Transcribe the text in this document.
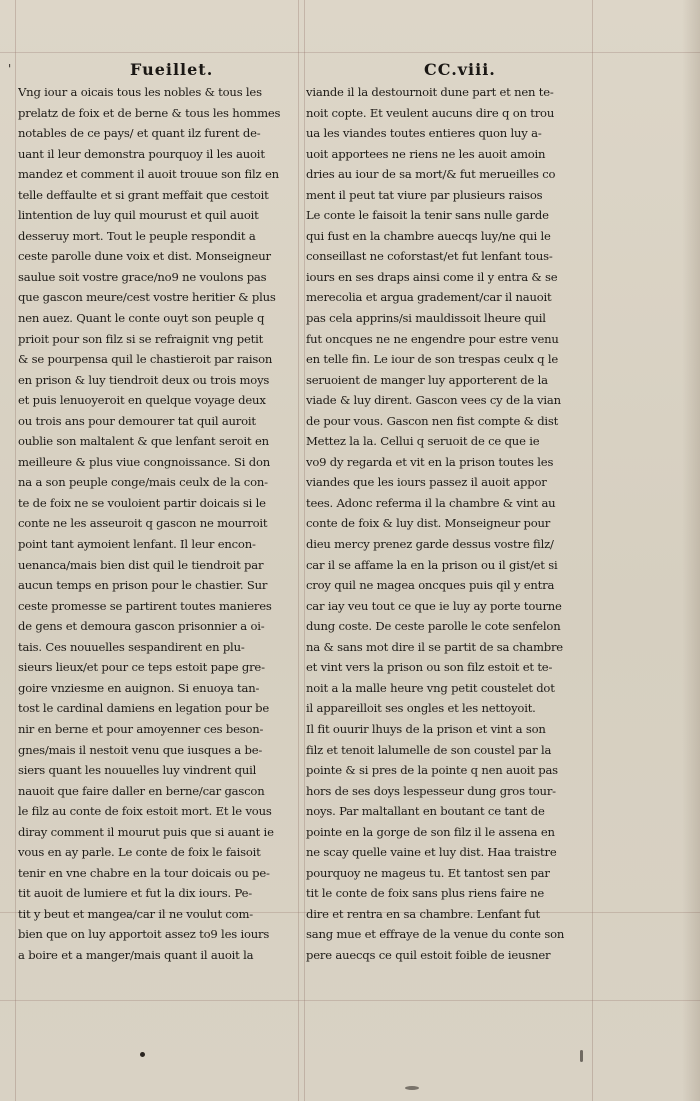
Fueillet.	CC.viii.
'
Vng iour a oicais tous les nobles & tous les
prelatz de foix et de berne & tous les hommes
notables de ce pays/ et quant ilz furent de-
uant il leur demonstra pourquoy il les auoit
mandez et comment il auoit trouue son filz en
telle deffaulte et si grant meffait que cestoit
lintention de luy quil mourust et quil auoit
desseruy mort. Tout le peuple respondit a
ceste parolle dune voix et dist. Monseigneur
saulue soit vostre grace/no9 ne voulons pas
que gascon meure/cest vostre heritier & plus
nen auez. Quant le conte ouyt son peuple q
prioit pour son filz si se refraignit vng petit
& se pourpensa quil le chastieroit par raison
en prison & luy tiendroit deux ou trois moys
et puis lenuoyeroit en quelque voyage deux
ou trois ans pour demourer tat quil auroit
oublie son maltalent & que lenfant seroit en
meilleure & plus viue congnoissance. Si don
na a son peuple conge/mais ceulx de la con-
te de foix ne se vouloient partir doicais si le
conte ne les asseuroit q gascon ne mourroit
point tant aymoient lenfant. Il leur encon-
uenanca/mais bien dist quil le tiendroit par
aucun temps en prison pour le chastier. Sur
ceste promesse se partirent toutes manieres
de gens et demoura gascon prisonnier a oi-
tais. Ces nouuelles sespandirent en plu-
sieurs lieux/et pour ce teps estoit pape gre-
goire vnziesme en auignon. Si enuoya tan-
tost le cardinal damiens en legation pour be
nir en berne et pour amoyenner ces beson-
gnes/mais il nestoit venu que iusques a be-
siers quant les nouuelles luy vindrent quil
nauoit que faire daller en berne/car gascon
le filz au conte de foix estoit mort. Et le vous
diray comment il mourut puis que si auant ie
vous en ay parle. Le conte de foix le faisoit
tenir en vne chabre en la tour doicais ou pe-
tit auoit de lumiere et fut la dix iours. Pe-
tit y beut et mangea/car il ne voulut com-
bien que on luy apportoit assez to9 les iours
a boire et a manger/mais quant il auoit la
viande il la destournoit dune part et nen te-
noit copte. Et veulent aucuns dire q on trou
ua les viandes toutes entieres quon luy a-
uoit apportees ne riens ne les auoit amoin
dries au iour de sa mort/& fut merueilles co
ment il peut tat viure par plusieurs raisos
Le conte le faisoit la tenir sans nulle garde
qui fust en la chambre auecqs luy/ne qui le
conseillast ne coforstast/et fut lenfant tous-
iours en ses draps ainsi come il y entra & se
merecolia et argua gradement/car il nauoit
pas cela apprins/si mauldissoit lheure quil
fut oncques ne ne engendre pour estre venu
en telle fin. Le iour de son trespas ceulx q le
seruoient de manger luy apporterent de la
viade & luy dirent. Gascon vees cy de la vian
de pour vous. Gascon nen fist compte & dist
Mettez la la. Cellui q seruoit de ce que ie
vo9 dy regarda et vit en la prison toutes les
viandes que les iours passez il auoit appor
tees. Adonc referma il la chambre & vint au
conte de foix & luy dist. Monseigneur pour
dieu mercy prenez garde dessus vostre filz/
car il se affame la en la prison ou il gist/et si
croy quil ne magea oncques puis qil y entra
car iay veu tout ce que ie luy ay porte tourne
dung coste. De ceste parolle le cote senfelon
na & sans mot dire il se partit de sa chambre
et vint vers la prison ou son filz estoit et te-
noit a la malle heure vng petit coustelet dot
il appareilloit ses ongles et les nettoyoit.
Il fit ouurir lhuys de la prison et vint a son
filz et tenoit lalumelle de son coustel par la
pointe & si pres de la pointe q nen auoit pas
hors de ses doys lespesseur dung gros tour-
noys. Par maltallant en boutant ce tant de
pointe en la gorge de son filz il le assena en
ne scay quelle vaine et luy dist. Haa traistre
pourquoy ne mageus tu. Et tantost sen par
tit le conte de foix sans plus riens faire ne
dire et rentra en sa chambre. Lenfant fut
sang mue et effraye de la venue du conte son
pere auecqs ce quil estoit foible de ieusner
